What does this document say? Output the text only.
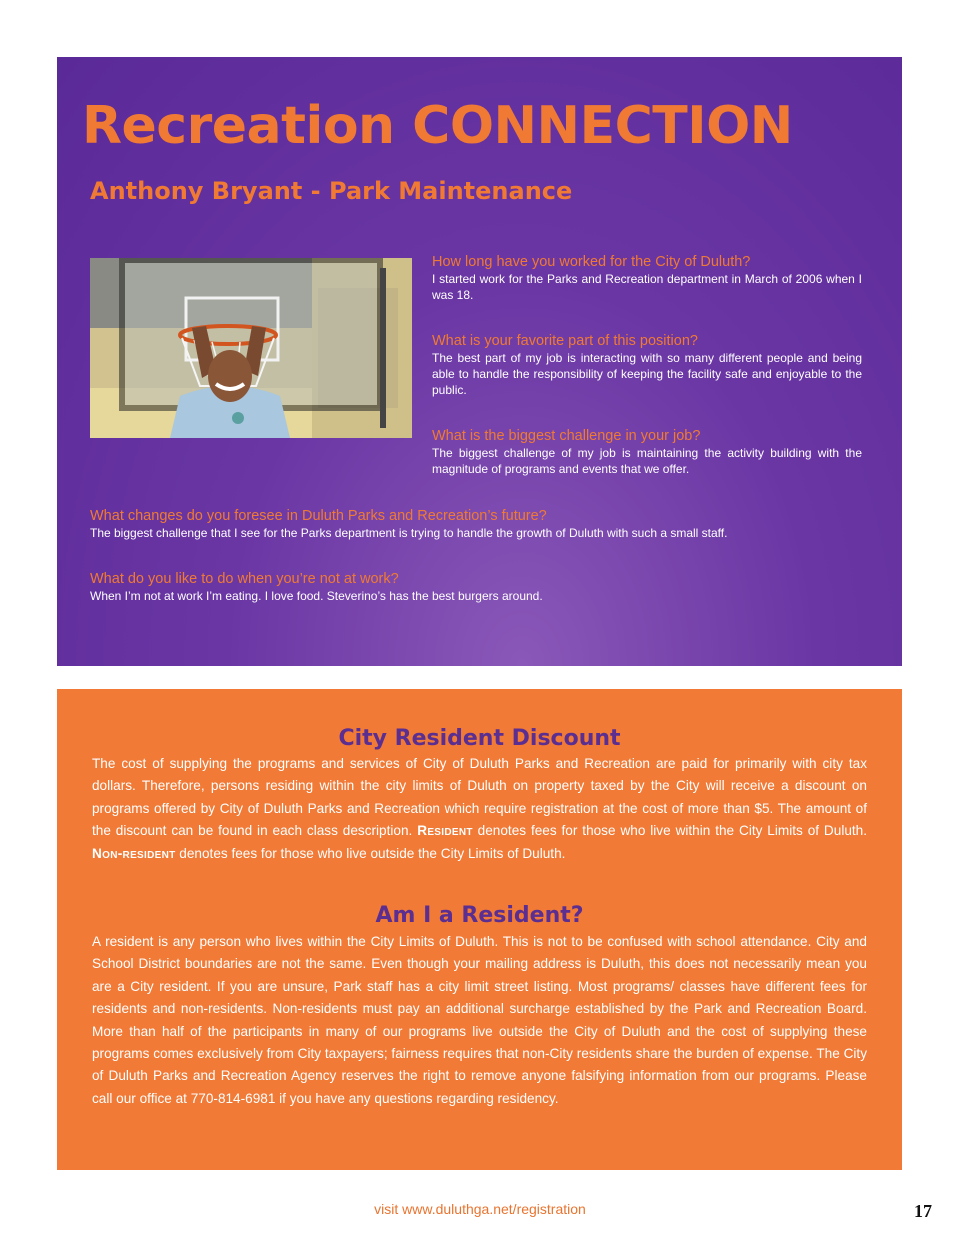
Recreation CONNECTION
Anthony Bryant - Park Maintenance

How long have you worked for the City of Duluth?

I started work for the Parks and Recreation department in March of 2006 when I was 18.

What is your favorite part of this position?

The best part of my job is interacting with so many different people and being able to handle the responsibility of keeping the facility safe and enjoyable to the public.

What is the biggest challenge in your job?

The biggest challenge of my job is maintaining the activity building with the magnitude of programs and events that we offer.

What changes do you foresee in Duluth Parks and Recreation’s future?

The biggest challenge that I see for the Parks department is trying to handle the growth of Duluth with such a small staff.

What do you like to do when you’re not at work?

When I’m not at work I’m eating. I love food. Steverino’s has the best burgers around.

City Resident Discount

The cost of supplying the programs and services of City of Duluth Parks and Recreation are paid for primarily with city tax dollars. Therefore, persons residing within the city limits of Duluth on property taxed by the City will receive a discount on programs offered by City of Duluth Parks and Recreation which require registration at the cost of more than $5. The amount of the discount can be found in each class description. Resident denotes fees for those who live within the City Limits of Duluth. Non-resident denotes fees for those who live outside the City Limits of Duluth.

Am I a Resident?

A resident is any person who lives within the City Limits of Duluth. This is not to be confused with school attendance. City and School District boundaries are not the same. Even though your mailing address is Duluth, this does not necessarily mean you are a City resident. If you are unsure, Park staff has a city limit street listing. Most programs/ classes have different fees for residents and non-residents. Non-residents must pay an additional surcharge established by the Park and Recreation Board. More than half of the participants in many of our programs live outside the City of Duluth and the cost of supplying these programs comes exclusively from City taxpayers; fairness requires that non-City residents share the burden of expense. The City of Duluth Parks and Recreation Agency reserves the right to remove anyone falsifying information from our programs. Please call our office at 770-814-6981 if you have any questions regarding residency.

visit www.duluthga.net/registration	17
